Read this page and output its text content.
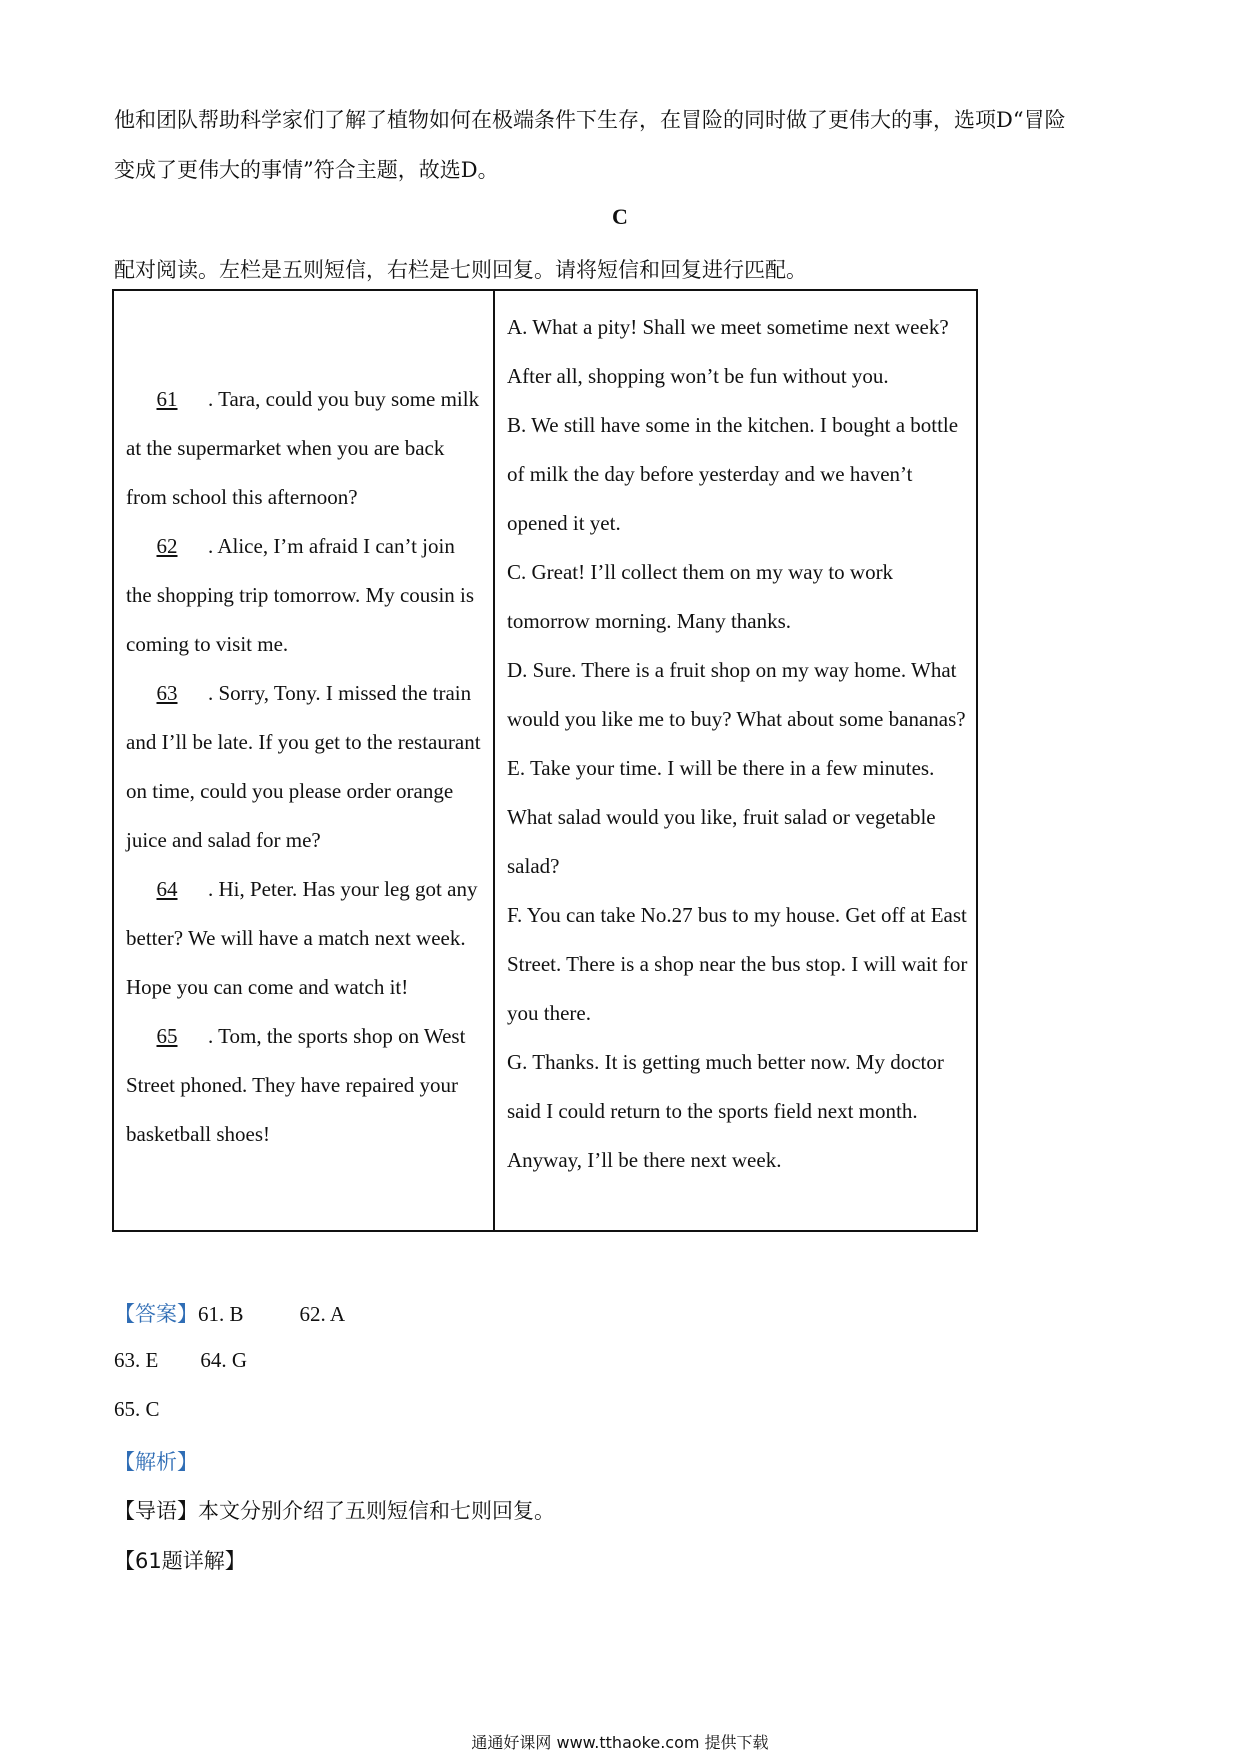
他和团队帮助科学家们了解了植物如何在极端条件下生存，在冒险的同时做了更伟大的事，选项D“冒险
变成了更伟大的事情”符合主题，故选D。
C
配对阅读。左栏是五则短信，右栏是七则回复。请将短信和回复进行匹配。
61 . Tara, could you buy some milk at the supermarket when you are back from school this afternoon?
62 . Alice, I’m afraid I can’t join the shopping trip tomorrow. My cousin is coming to visit me.
63 . Sorry, Tony. I missed the train and I’ll be late. If you get to the restaurant on time, could you please order orange juice and salad for me?
64 . Hi, Peter. Has your leg got any better? We will have a match next week. Hope you can come and watch it!
65 . Tom, the sports shop on West Street phoned. They have repaired your basketball shoes!
A. What a pity! Shall we meet sometime next week? After all, shopping won’t be fun without you.
B. We still have some in the kitchen. I bought a bottle of milk the day before yesterday and we haven’t opened it yet.
C. Great! I’ll collect them on my way to work tomorrow morning. Many thanks.
D. Sure. There is a fruit shop on my way home. What would you like me to buy? What about some bananas?
E. Take your time. I will be there in a few minutes. What salad would you like, fruit salad or vegetable salad?
F. You can take No.27 bus to my house. Get off at East Street. There is a shop near the bus stop. I will wait for you there.
G. Thanks. It is getting much better now. My doctor said I could return to the sports field next month. Anyway, I’ll be there next week.
【答案】61. B	62. A
63. E 64. G
65. C
【解析】
【导语】本文分别介绍了五则短信和七则回复。
【61题详解】
通通好课网 www.tthaoke.com 提供下载
